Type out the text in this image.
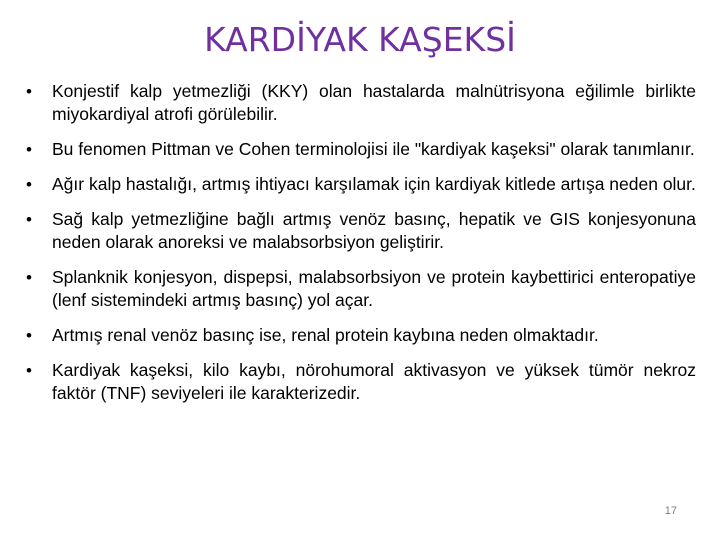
KARDİYAK KAŞEKSİ
• Konjestif kalp yetmezliği (KKY) olan hastalarda malnütrisyona eğilimle birlikte miyokardiyal atrofi görülebilir.
• Bu fenomen Pittman ve Cohen terminolojisi ile "kardiyak kaşeksi" olarak tanımlanır.
• Ağır kalp hastalığı, artmış ihtiyacı karşılamak için kardiyak kitlede artışa neden olur.
• Sağ kalp yetmezliğine bağlı artmış venöz basınç, hepatik ve GIS konjesyonuna neden olarak anoreksi ve malabsorbsiyon geliştirir.
• Splanknik konjesyon, dispepsi, malabsorbsiyon ve protein kaybettirici enteropatiye (lenf sistemindeki artmış basınç) yol açar.
• Artmış renal venöz basınç ise, renal protein kaybına neden olmaktadır.
• Kardiyak kaşeksi, kilo kaybı, nörohumoral aktivasyon ve yüksek tümör nekroz faktör (TNF) seviyeleri ile karakterizedir.
17
